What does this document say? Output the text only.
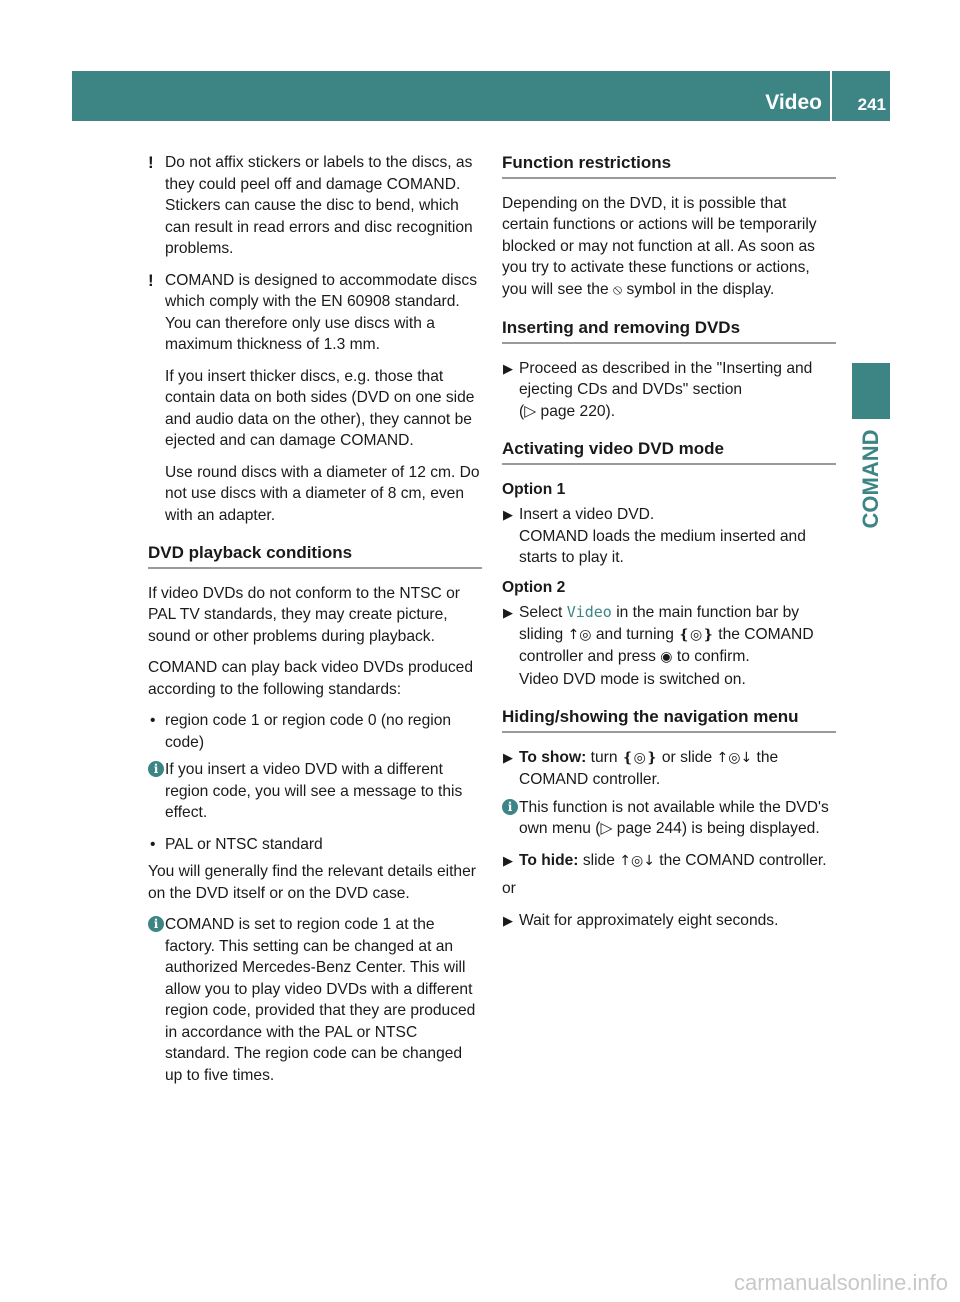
Video 241
COMAND
! Do not affix stickers or labels to the discs, as they could peel off and damage COMAND. Stickers can cause the disc to bend, which can result in read errors and disc recognition problems.
! COMAND is designed to accommodate discs which comply with the EN 60908 standard. You can therefore only use discs with a maximum thickness of 1.3 mm.

If you insert thicker discs, e.g. those that contain data on both sides (DVD on one side and audio data on the other), they cannot be ejected and can damage COMAND.

Use round discs with a diameter of 12 cm. Do not use discs with a diameter of 8 cm, even with an adapter.

DVD playback conditions

If video DVDs do not conform to the NTSC or PAL TV standards, they may create picture, sound or other problems during playback.

COMAND can play back video DVDs produced according to the following standards:

• region code 1 or region code 0 (no region code)
i If you insert a video DVD with a different region code, you will see a message to this effect.
• PAL or NTSC standard

You will generally find the relevant details either on the DVD itself or on the DVD case.

i COMAND is set to region code 1 at the factory. This setting can be changed at an authorized Mercedes-Benz Center. This will allow you to play video DVDs with a different region code, provided that they are produced in accordance with the PAL or NTSC standard. The region code can be changed up to five times.
Function restrictions

Depending on the DVD, it is possible that certain functions or actions will be temporarily blocked or may not function at all. As soon as you try to activate these functions or actions, you will see the ⦸ symbol in the display.

Inserting and removing DVDs
▶ Proceed as described in the "Inserting and ejecting CDs and DVDs" section
(▷ page 220).
Activating video DVD mode
Option 1
▶ Insert a video DVD.
COMAND loads the medium inserted and starts to play it.
Option 2
▶ Select Video in the main function bar by sliding ↑◎ and turning ❴◎❵ the COMAND controller and press ◉ to confirm.
Video DVD mode is switched on.
Hiding/showing the navigation menu
▶ To show: turn ❴◎❵ or slide ↑◎↓ the COMAND controller.
i This function is not available while the DVD's own menu (▷ page 244) is being displayed.
▶ To hide: slide ↑◎↓ the COMAND controller.

or

▶ Wait for approximately eight seconds.
carmanualsonline.info
